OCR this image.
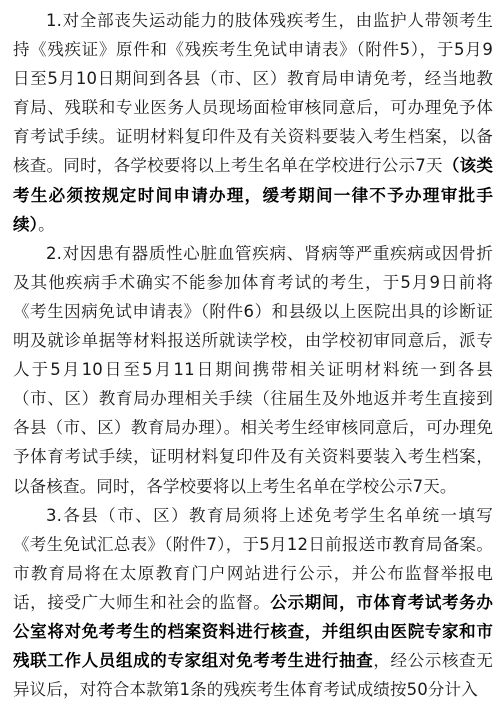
1.对全部丧失运动能力的肢体残疾考生，由监护人带领考生持《残疾证》原件和《残疾考生免试申请表》（附件5），于5月9日至5月10日期间到各县（市、区）教育局申请免考，经当地教育局、残联和专业医务人员现场面检审核同意后，可办理免予体育考试手续。证明材料复印件及有关资料要装入考生档案，以备核查。同时，各学校要将以上考生名单在学校进行公示7天（该类考生必须按规定时间申请办理，缓考期间一律不予办理审批手续）。

2.对因患有器质性心脏血管疾病、肾病等严重疾病或因骨折及其他疾病手术确实不能参加体育考试的考生，于5月9日前将《考生因病免试申请表》（附件6）和县级以上医院出具的诊断证明及就诊单据等材料报送所就读学校，由学校初审同意后，派专人于5月10日至5月11日期间携带相关证明材料统一到各县（市、区）教育局办理相关手续（往届生及外地返并考生直接到各县（市、区）教育局办理）。相关考生经审核同意后，可办理免予体育考试手续，证明材料复印件及有关资料要装入考生档案，以备核查。同时，各学校要将以上考生名单在学校公示7天。

3.各县（市、区）教育局须将上述免考学生名单统一填写《考生免试汇总表》（附件7），于5月12日前报送市教育局备案。市教育局将在太原教育门户网站进行公示，并公布监督举报电话，接受广大师生和社会的监督。公示期间，市体育考试考务办公室将对免考考生的档案资料进行核查，并组织由医院专家和市残联工作人员组成的专家组对免考考生进行抽查，经公示核查无异议后，对符合本款第1条的残疾考生体育考试成绩按50分计入
